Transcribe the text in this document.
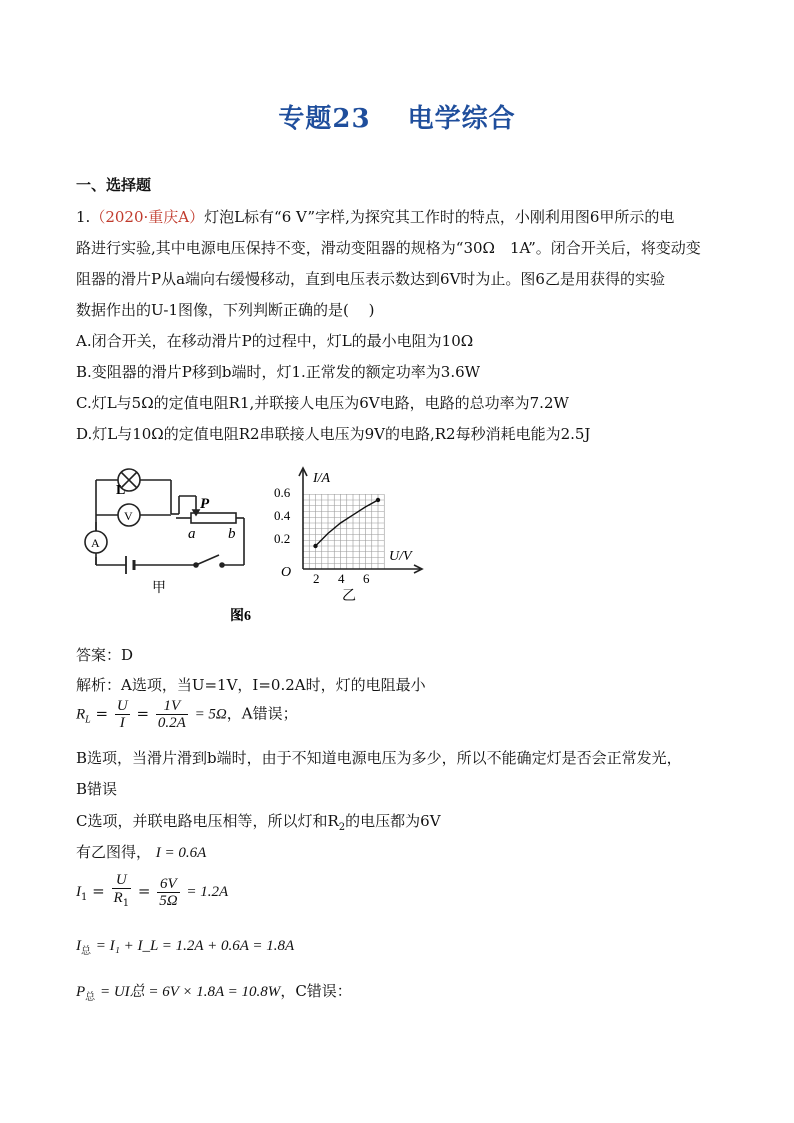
专题23　 电学综合
一、选择题
1.（2020·重庆A）灯泡L标有“6 V”字样,为探究其工作时的特点，小刚利用图6甲所示的电
路进行实验,其中电源电压保持不变，滑动变阻器的规格为“30Ω　1A”。闭合开关后，将变动变
阻器的滑片P从a端向右缓慢移动，直到电压表示数达到6V时为止。图6乙是用获得的实验
数据作出的U-1图像，下列判断正确的是(　 )
A.闭合开关，在移动滑片P的过程中，灯L的最小电阻为10Ω
B.变阻器的滑片P移到b端时，灯1.正常发的额定功率为3.6W
C.灯L与5Ω的定值电阻R1,并联接人电压为6V电路，电路的总功率为7.2W
D.灯L与10Ω的定值电阻R2串联接人电压为9V的电路,R2每秒消耗电能为2.5J
L
V
A
P
a b
甲
图6
I/A
U/V
O
0.6
0.4
0.2
2 4 6
乙
答案：D
解析：A选项，当U=1V，I=0.2A时，灯的电阻最小
$R_L = \frac{U}{I} = \frac{1V}{0.2A} = 5\Omega$，A错误；
B选项，当滑片滑到b端时，由于不知道电源电压为多少，所以不能确定灯是否会正常发光，
B错误
C选项，并联电路电压相等，所以灯和$R_2$的电压都为6V
有乙图得， I = 0.6A
$I_1 = \frac{U}{R_1} = \frac{6V}{5\Omega} = 1.2A$
$I_总 = I_1$ + I_L = 1.2A + 0.6A = 1.8A
$P_总$ = UI总 = 6V × 1.8A = 10.8W，C错误：
